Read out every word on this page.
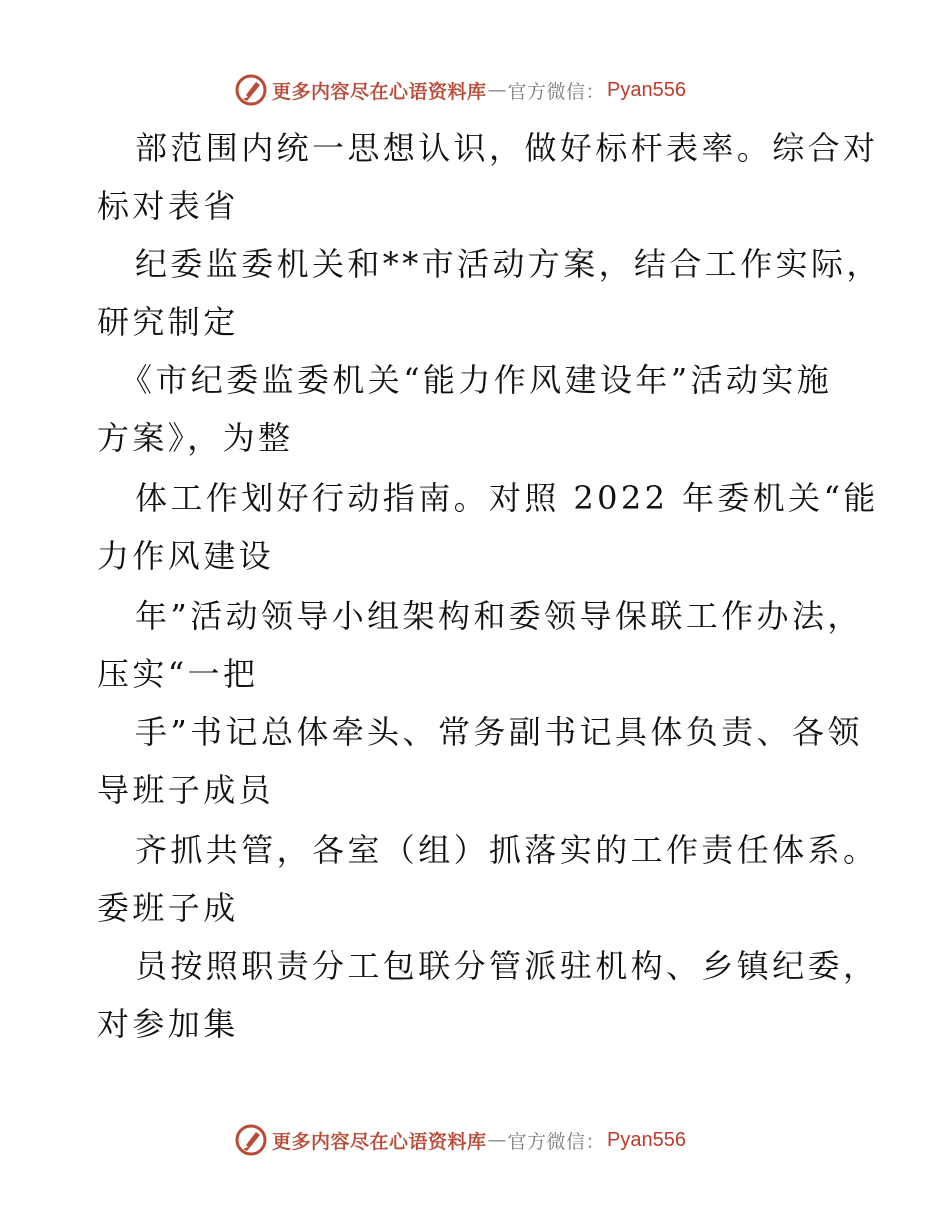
更多内容尽在心语资料库 — 官方微信： Pyan556
部范围内统一思想认识，做好标杆表率。综合对
标对表省
纪委监委机关和**市活动方案，结合工作实际，
研究制定
《市纪委监委机关“能力作风建设年”活动实施
方案》，为整
体工作划好行动指南。对照 2022 年委机关“能
力作风建设
年”活动领导小组架构和委领导保联工作办法，
压实“一把
手”书记总体牵头、常务副书记具体负责、各领
导班子成员
齐抓共管，各室（组）抓落实的工作责任体系。
委班子成
员按照职责分工包联分管派驻机构、乡镇纪委，
对参加集
更多内容尽在心语资料库 — 官方微信： Pyan556
